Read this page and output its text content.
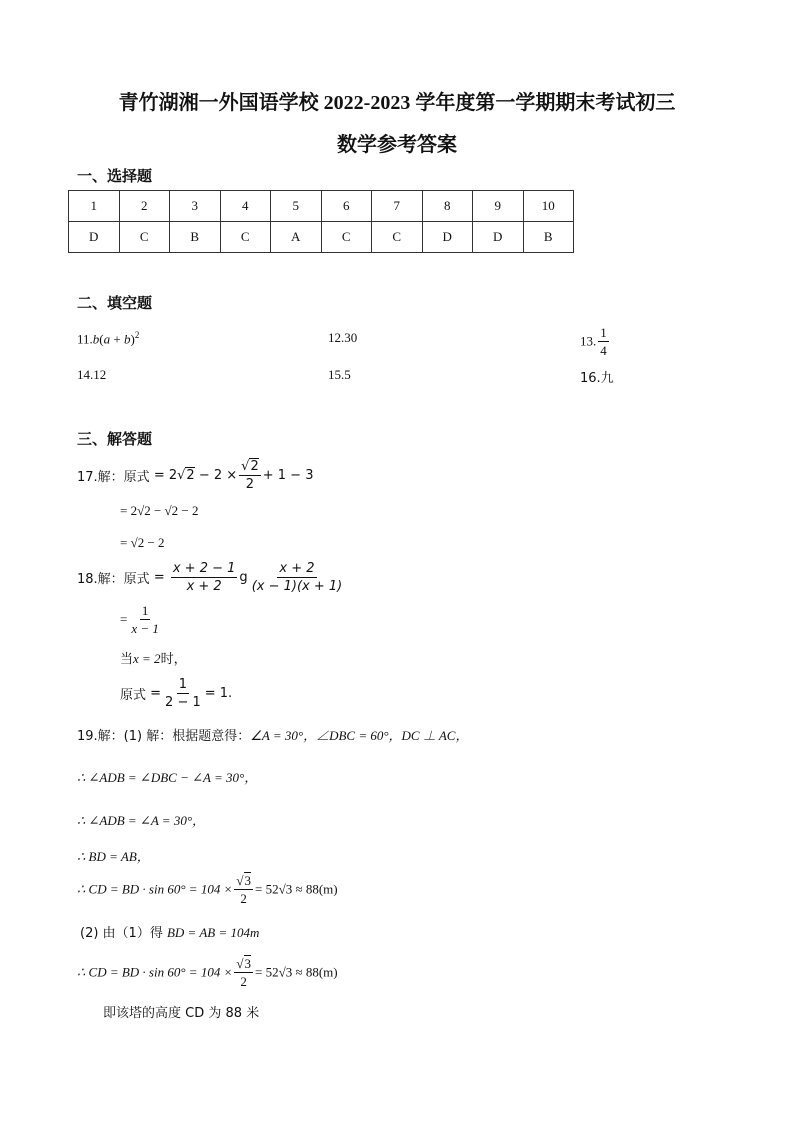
青竹湖湘一外国语学校 2022-2023 学年度第一学期期末考试初三
数学参考答案
一、选择题
1	2	3	4	5	6	7	8	9	10
D	C	B	C	A	C	C	D	D	B
二、填空题
$11.b(a + b)^2$	12.30	13. $\frac{1}{4}$
14.12	15.5	16.九
三、解答题
17.解：原式 = $2√2 - 2 \times \frac{√2}{2} + 1 - 3$
= 2√2 − √2 − 2
= √2 − 2
18.解：原式 = $\frac{x + 2 - 1}{x + 2}$ g $\frac{x + 2}{(x - 1)(x + 1)}$
= $\frac{1}{x - 1}$
当x = 2时，
原式 = $\frac{1}{2 - 1} = 1$.
19.解：(1) 解：根据题意得：∠A = 30°，∠DBC = 60°，DC ⊥ AC，
∴ ∠ADB = ∠DBC − ∠A = 30°，
∴ ∠ADB = ∠A = 30°，
∴ BD = AB，
∴ CD = BD · $\sin 60^\circ = 104 \times \frac{√3}{2} = 52√3 \approx 88(m)$
(2) 由（1）得 BD = AB = 104m
∴ CD = BD · $\sin 60^\circ = 104 \times \frac{√3}{2} = 52√3 \approx 88(m)$
即该塔的高度 CD 为 88 米
